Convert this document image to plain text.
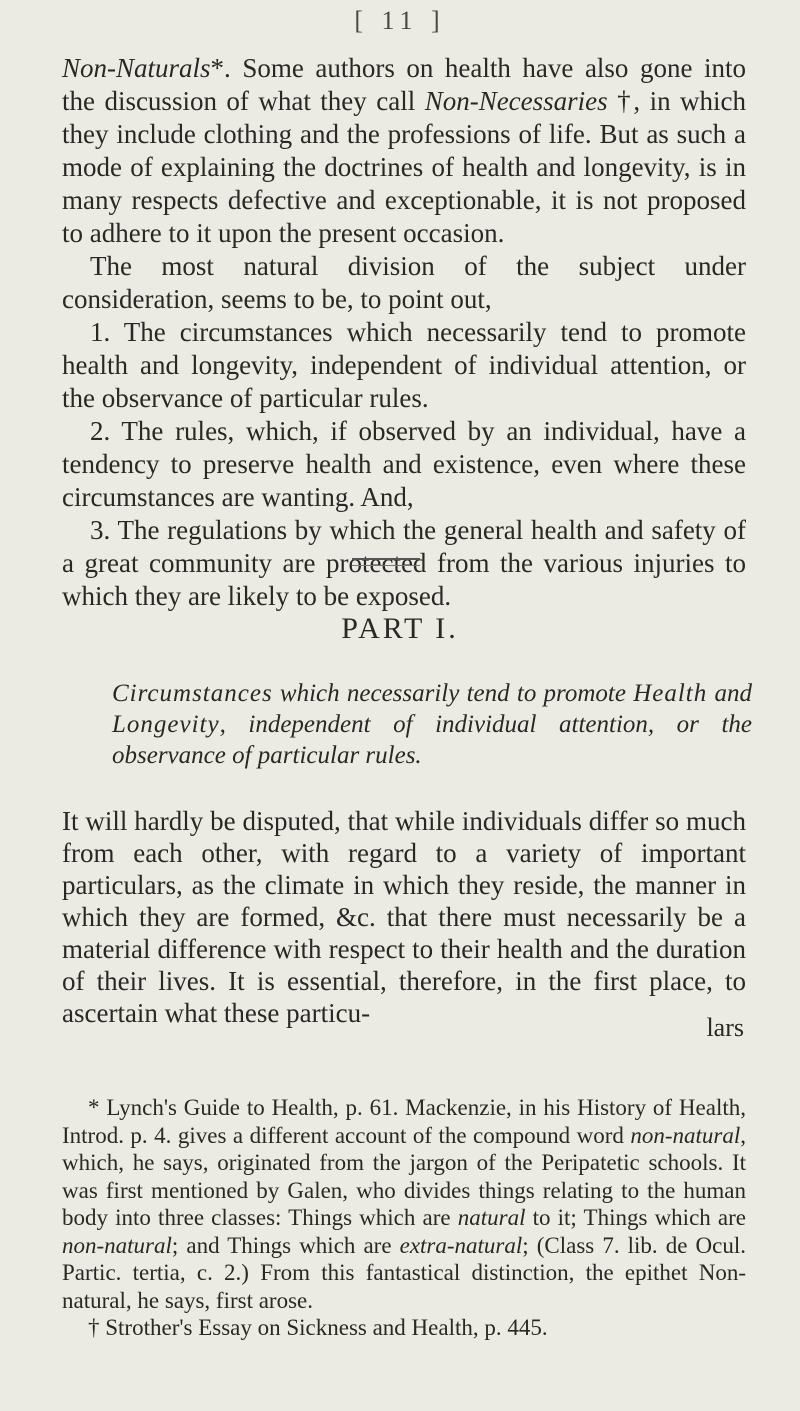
[ 11 ]

Non-Naturals*. Some authors on health have also gone into the discussion of what they call Non-Necessaries †, in which they include clothing and the professions of life. But as such a mode of explaining the doctrines of health and longevity, is in many respects defective and exceptionable, it is not proposed to adhere to it upon the present occasion.

The most natural division of the subject under consideration, seems to be, to point out,

1. The circumstances which necessarily tend to promote health and longevity, independent of individual attention, or the observance of particular rules.

2. The rules, which, if observed by an individual, have a tendency to preserve health and existence, even where these circumstances are wanting. And,

3. The regulations by which the general health and safety of a great community are protected from the various injuries to which they are likely to be exposed.

PART I.
Circumstances which necessarily tend to promote Health and Longevity, independent of individual attention, or the observance of particular rules.
It will hardly be disputed, that while individuals differ so much from each other, with regard to a variety of important particulars, as the climate in which they reside, the manner in which they are formed, &c. that there must necessarily be a material difference with respect to their health and the duration of their lives. It is essential, therefore, in the first place, to ascertain what these particu-	lars

* Lynch's Guide to Health, p. 61. Mackenzie, in his History of Health, Introd. p. 4. gives a different account of the compound word non-natural, which, he says, originated from the jargon of the Peripatetic schools. It was first mentioned by Galen, who divides things relating to the human body into three classes: Things which are natural to it; Things which are non-natural; and Things which are extra-natural; (Class 7. lib. de Ocul. Partic. tertia, c. 2.) From this fantastical distinction, the epithet Non-natural, he says, first arose.

† Strother's Essay on Sickness and Health, p. 445.
